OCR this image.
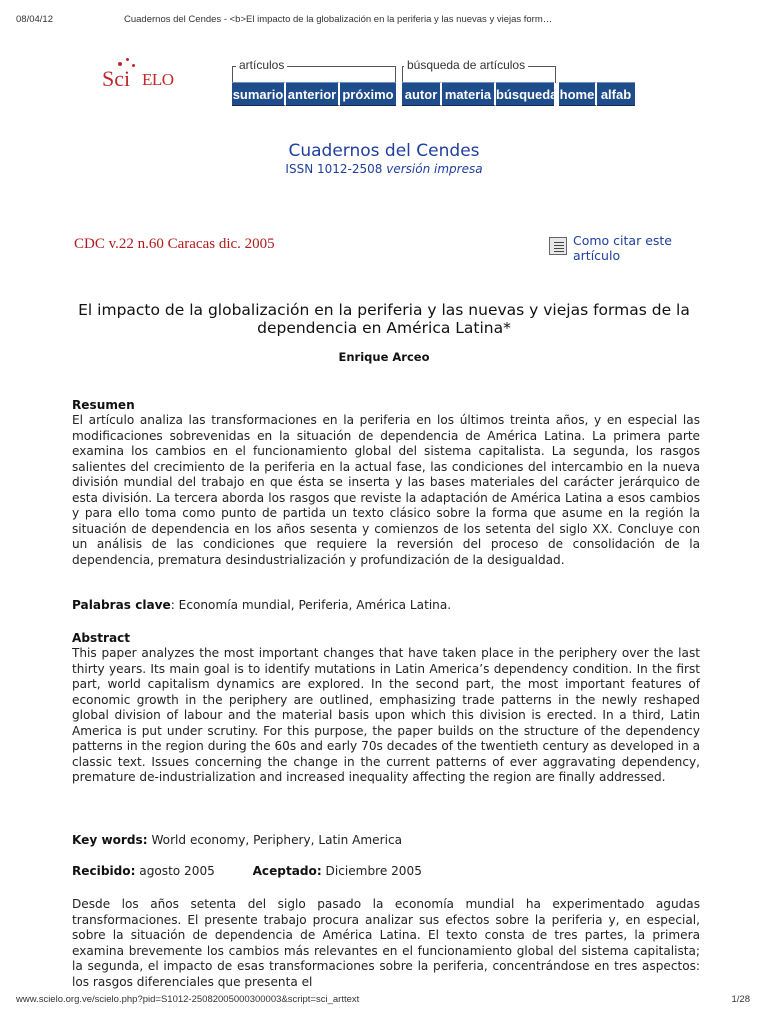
08/04/12	Cuadernos del Cendes - <b>El impacto de la globalización en la periferia y las nuevas y viejas form…
Sci ELO
artículos
sumario anterior próximo
búsqueda de artículos
autor materia búsqueda home alfab
Cuadernos del Cendes
ISSN 1012-2508 versión impresa
CDC v.22 n.60 Caracas dic. 2005	Como citar este artículo
El impacto de la globalización en la periferia y las nuevas y viejas formas de la dependencia en América Latina*
Enrique Arceo
Resumen
El artículo analiza las transformaciones en la periferia en los últimos treinta años, y en especial las modificaciones sobrevenidas en la situación de dependencia de América Latina. La primera parte examina los cambios en el funcionamiento global del sistema capitalista. La segunda, los rasgos salientes del crecimiento de la periferia en la actual fase, las condiciones del intercambio en la nueva división mundial del trabajo en que ésta se inserta y las bases materiales del carácter jerárquico de esta división. La tercera aborda los rasgos que reviste la adaptación de América Latina a esos cambios y para ello toma como punto de partida un texto clásico sobre la forma que asume en la región la situación de dependencia en los años sesenta y comienzos de los setenta del siglo XX. Concluye con un análisis de las condiciones que requiere la reversión del proceso de consolidación de la dependencia, prematura desindustrialización y profundización de la desigualdad.
Palabras clave: Economía mundial, Periferia, América Latina.
Abstract
This paper analyzes the most important changes that have taken place in the periphery over the last thirty years. Its main goal is to identify mutations in Latin America’s dependency condition. In the first part, world capitalism dynamics are explored. In the second part, the most important features of economic growth in the periphery are outlined, emphasizing trade patterns in the newly reshaped global division of labour and the material basis upon which this division is erected. In a third, Latin America is put under scrutiny. For this purpose, the paper builds on the structure of the dependency patterns in the region during the 60s and early 70s decades of the twentieth century as developed in a classic text. Issues concerning the change in the current patterns of ever aggravating dependency, premature de-industrialization and increased inequality affecting the region are finally addressed.
Key words: World economy, Periphery, Latin America
Recibido: agosto 2005	Aceptado: Diciembre 2005
Desde los años setenta del siglo pasado la economía mundial ha experimentado agudas transformaciones. El presente trabajo procura analizar sus efectos sobre la periferia y, en especial, sobre la situación de dependencia de América Latina. El texto consta de tres partes, la primera examina brevemente los cambios más relevantes en el funcionamiento global del sistema capitalista; la segunda, el impacto de esas transformaciones sobre la periferia, concentrándose en tres aspectos: los rasgos diferenciales que presenta el
www.scielo.org.ve/scielo.php?pid=S1012-25082005000300003&script=sci_arttext	1/28
